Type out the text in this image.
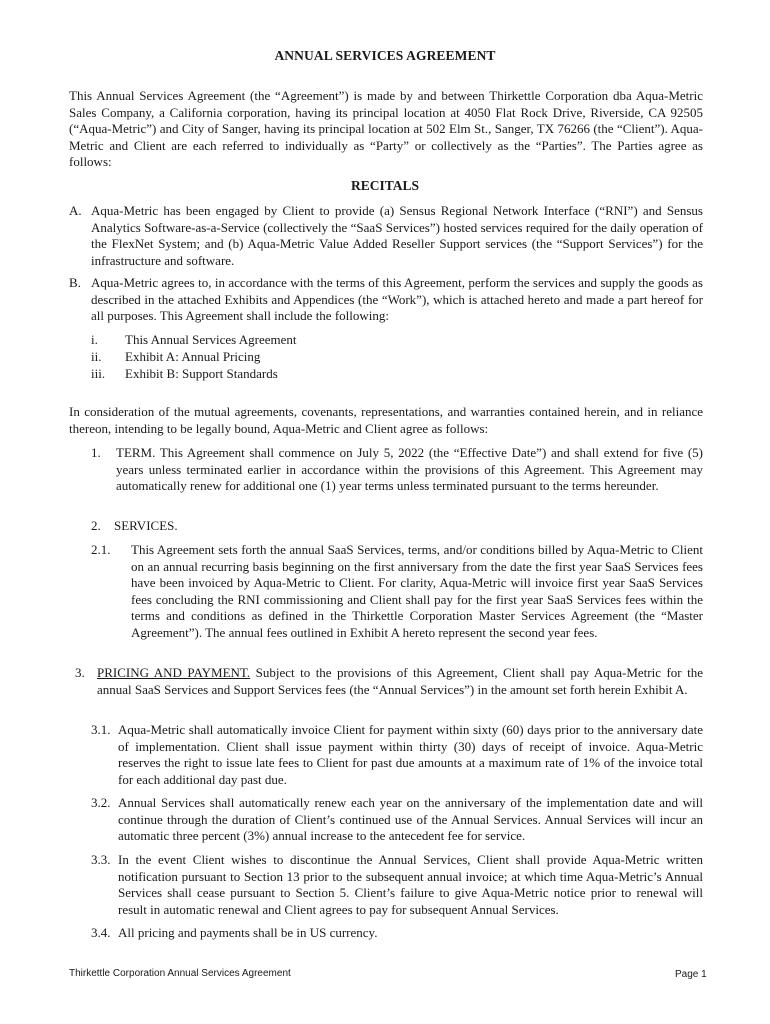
ANNUAL SERVICES AGREEMENT
This Annual Services Agreement (the “Agreement”) is made by and between Thirkettle Corporation dba Aqua-Metric Sales Company, a California corporation, having its principal location at 4050 Flat Rock Drive, Riverside, CA 92505 (“Aqua-Metric”) and City of Sanger, having its principal location at 502 Elm St., Sanger, TX 76266 (the “Client”). Aqua-Metric and Client are each referred to individually as “Party” or collectively as the “Parties”. The Parties agree as follows:
RECITALS
A. Aqua-Metric has been engaged by Client to provide (a) Sensus Regional Network Interface (“RNI”) and Sensus Analytics Software-as-a-Service (collectively the “SaaS Services”) hosted services required for the daily operation of the FlexNet System; and (b) Aqua-Metric Value Added Reseller Support services (the “Support Services”) for the infrastructure and software.
B. Aqua-Metric agrees to, in accordance with the terms of this Agreement, perform the services and supply the goods as described in the attached Exhibits and Appendices (the “Work”), which is attached hereto and made a part hereof for all purposes. This Agreement shall include the following:
i. This Annual Services Agreement
ii. Exhibit A: Annual Pricing
iii. Exhibit B: Support Standards
In consideration of the mutual agreements, covenants, representations, and warranties contained herein, and in reliance thereon, intending to be legally bound, Aqua-Metric and Client agree as follows:
1. TERM. This Agreement shall commence on July 5, 2022 (the “Effective Date”) and shall extend for five (5) years unless terminated earlier in accordance within the provisions of this Agreement. This Agreement may automatically renew for additional one (1) year terms unless terminated pursuant to the terms hereunder.
2. SERVICES.
2.1. This Agreement sets forth the annual SaaS Services, terms, and/or conditions billed by Aqua-Metric to Client on an annual recurring basis beginning on the first anniversary from the date the first year SaaS Services fees have been invoiced by Aqua-Metric to Client. For clarity, Aqua-Metric will invoice first year SaaS Services fees concluding the RNI commissioning and Client shall pay for the first year SaaS Services fees within the terms and conditions as defined in the Thirkettle Corporation Master Services Agreement (the “Master Agreement”). The annual fees outlined in Exhibit A hereto represent the second year fees.
3. PRICING AND PAYMENT. Subject to the provisions of this Agreement, Client shall pay Aqua-Metric for the annual SaaS Services and Support Services fees (the “Annual Services”) in the amount set forth herein Exhibit A.
3.1. Aqua-Metric shall automatically invoice Client for payment within sixty (60) days prior to the anniversary date of implementation. Client shall issue payment within thirty (30) days of receipt of invoice. Aqua-Metric reserves the right to issue late fees to Client for past due amounts at a maximum rate of 1% of the invoice total for each additional day past due.
3.2. Annual Services shall automatically renew each year on the anniversary of the implementation date and will continue through the duration of Client’s continued use of the Annual Services. Annual Services will incur an automatic three percent (3%) annual increase to the antecedent fee for service.
3.3. In the event Client wishes to discontinue the Annual Services, Client shall provide Aqua-Metric written notification pursuant to Section 13 prior to the subsequent annual invoice; at which time Aqua-Metric’s Annual Services shall cease pursuant to Section 5. Client’s failure to give Aqua-Metric notice prior to renewal will result in automatic renewal and Client agrees to pay for subsequent Annual Services.
3.4. All pricing and payments shall be in US currency.
Thirkettle Corporation Annual Services Agreement	Page 1
